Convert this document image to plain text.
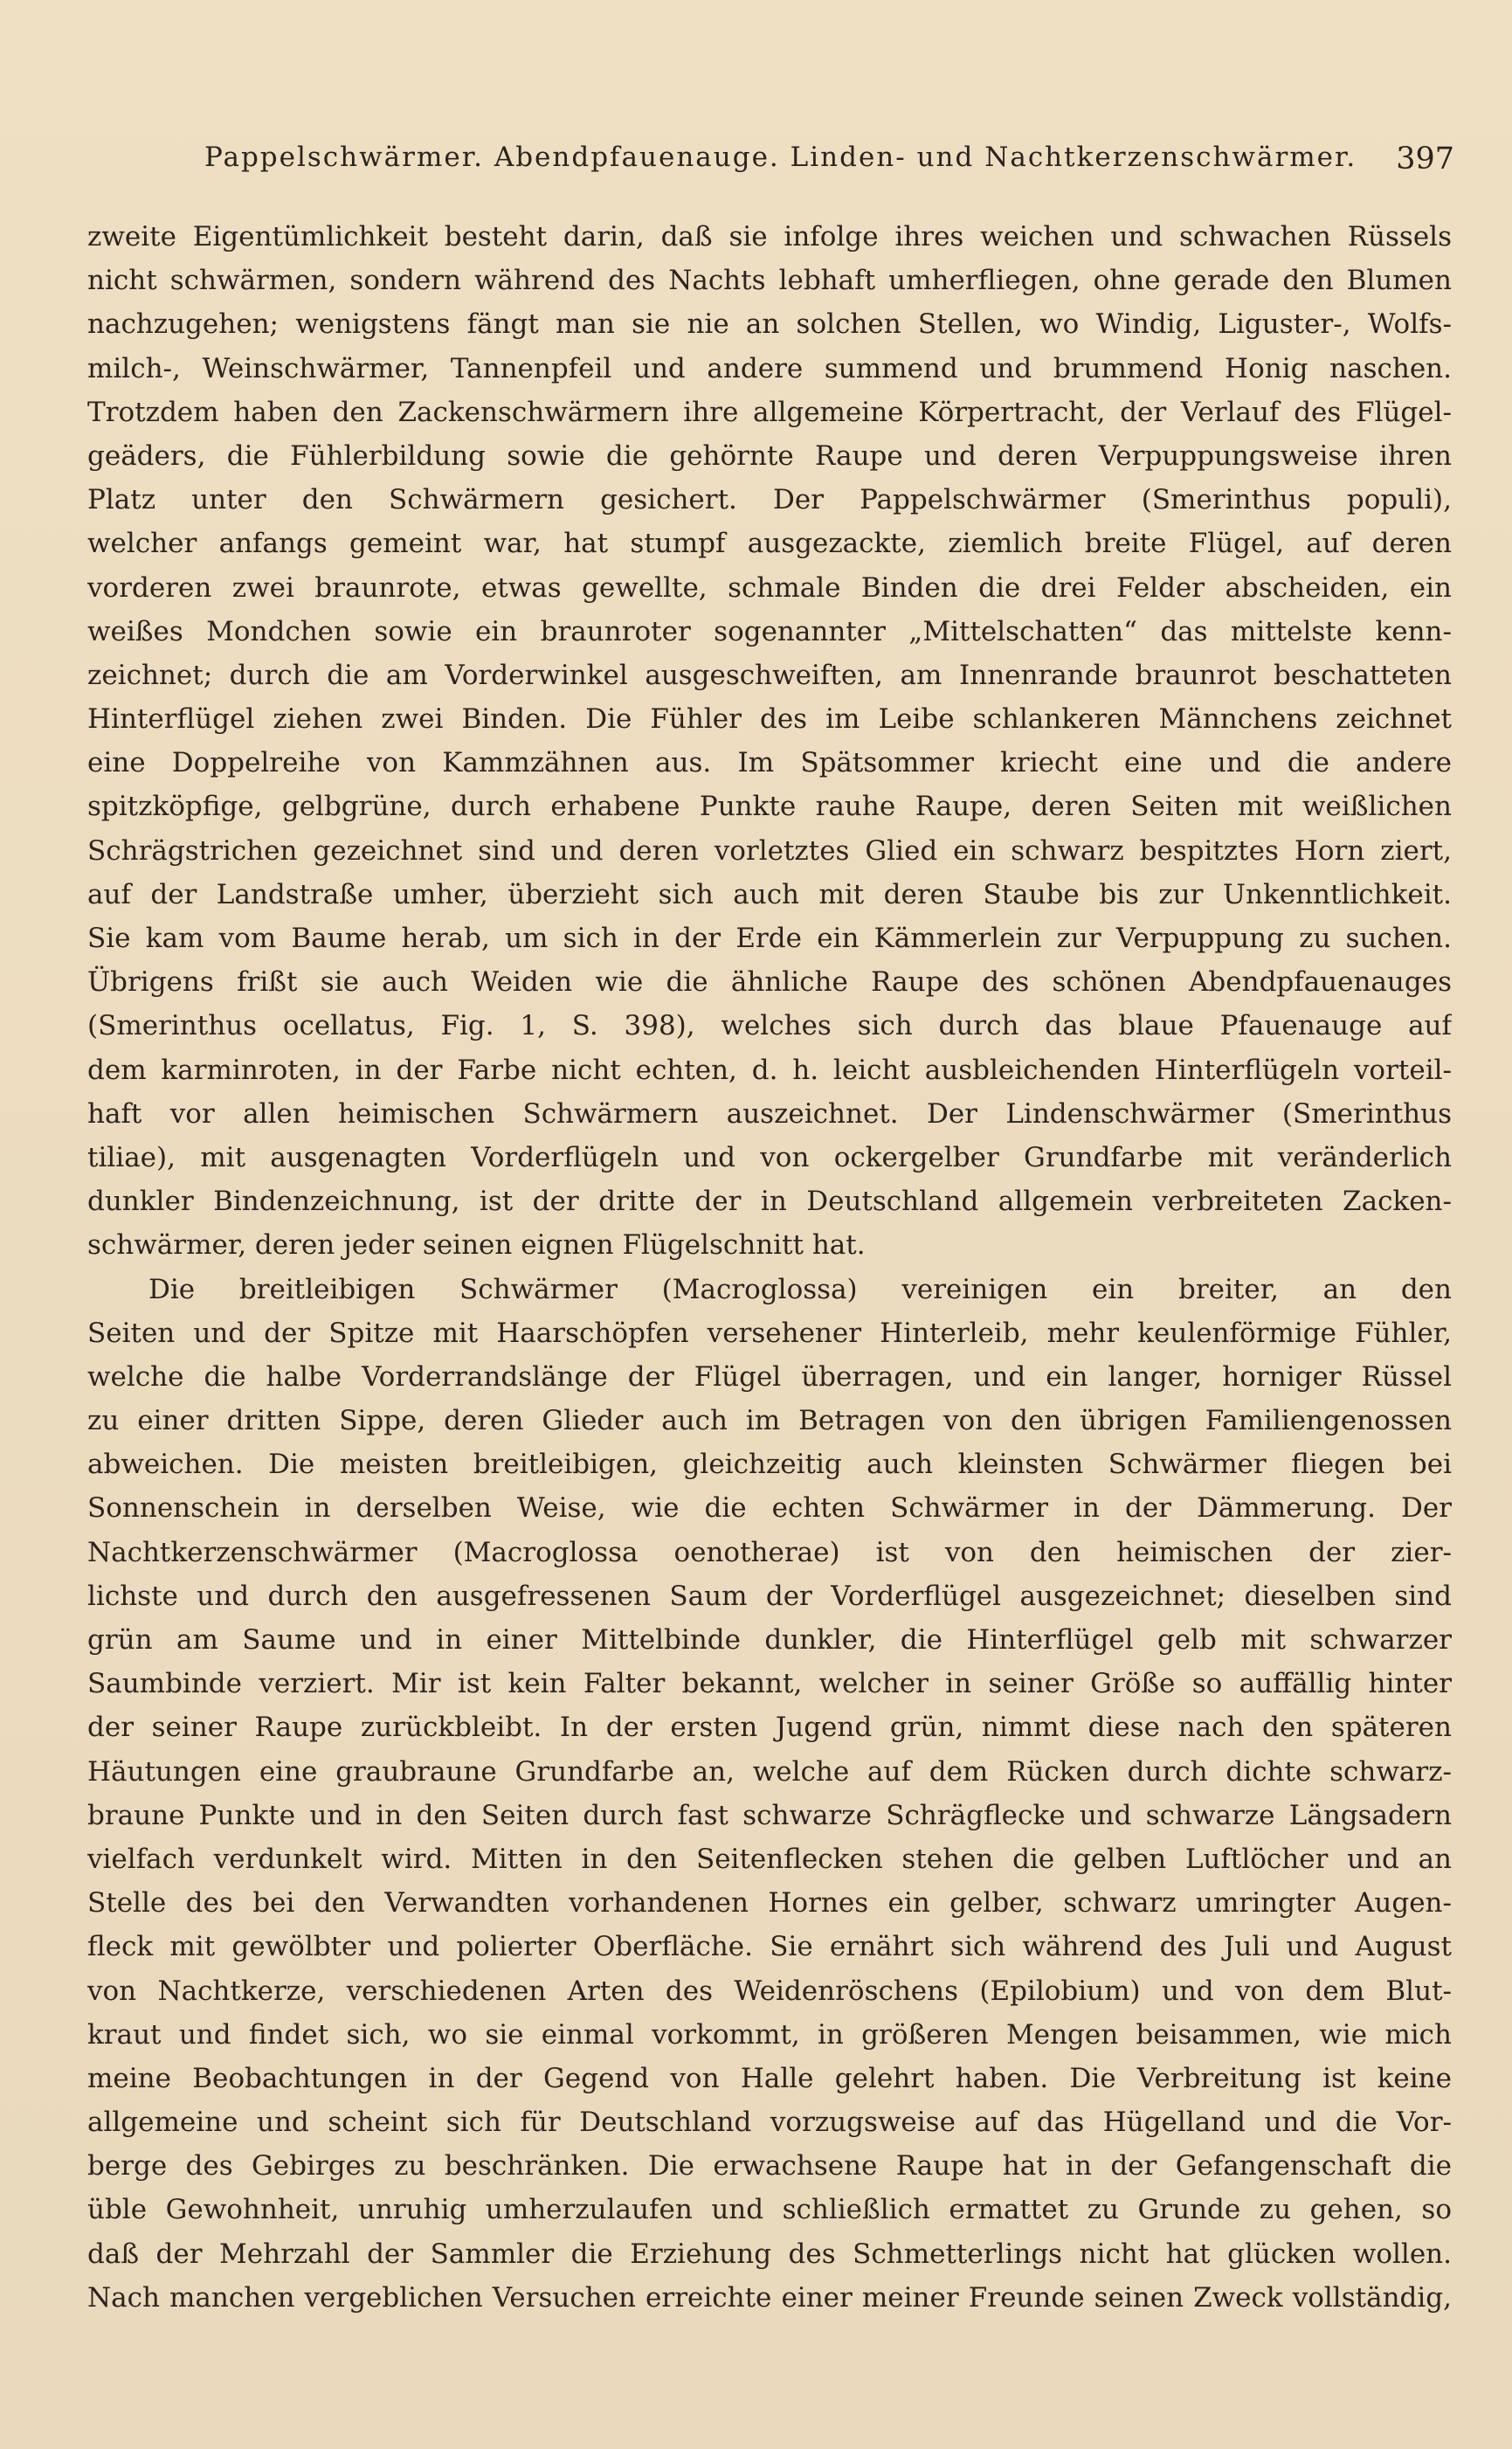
Pappelschwärmer. Abendpfauenauge. Linden- und Nachtkerzenschwärmer. 397
zweite Eigentümlichkeit besteht darin, daß sie infolge ihres weichen und schwachen Rüssels
nicht schwärmen, sondern während des Nachts lebhaft umherfliegen, ohne gerade den Blumen
nachzugehen; wenigstens fängt man sie nie an solchen Stellen, wo Windig, Liguster-, Wolfs-
milch-, Weinschwärmer, Tannenpfeil und andere summend und brummend Honig naschen.
Trotzdem haben den Zackenschwärmern ihre allgemeine Körpertracht, der Verlauf des Flügel-
geäders, die Fühlerbildung sowie die gehörnte Raupe und deren Verpuppungsweise ihren
Platz unter den Schwärmern gesichert. Der Pappelschwärmer (Smerinthus populi),
welcher anfangs gemeint war, hat stumpf ausgezackte, ziemlich breite Flügel, auf deren
vorderen zwei braunrote, etwas gewellte, schmale Binden die drei Felder abscheiden, ein
weißes Mondchen sowie ein braunroter sogenannter „Mittelschatten“ das mittelste kenn-
zeichnet; durch die am Vorderwinkel ausgeschweiften, am Innenrande braunrot beschatteten
Hinterflügel ziehen zwei Binden. Die Fühler des im Leibe schlankeren Männchens zeichnet
eine Doppelreihe von Kammzähnen aus. Im Spätsommer kriecht eine und die andere
spitzköpfige, gelbgrüne, durch erhabene Punkte rauhe Raupe, deren Seiten mit weißlichen
Schrägstrichen gezeichnet sind und deren vorletztes Glied ein schwarz bespitztes Horn ziert,
auf der Landstraße umher, überzieht sich auch mit deren Staube bis zur Unkenntlichkeit.
Sie kam vom Baume herab, um sich in der Erde ein Kämmerlein zur Verpuppung zu suchen.
Übrigens frißt sie auch Weiden wie die ähnliche Raupe des schönen Abendpfauenauges
(Smerinthus ocellatus, Fig. 1, S. 398), welches sich durch das blaue Pfauenauge auf
dem karminroten, in der Farbe nicht echten, d. h. leicht ausbleichenden Hinterflügeln vorteil-
haft vor allen heimischen Schwärmern auszeichnet. Der Lindenschwärmer (Smerinthus
tiliae), mit ausgenagten Vorderflügeln und von ockergelber Grundfarbe mit veränderlich
dunkler Bindenzeichnung, ist der dritte der in Deutschland allgemein verbreiteten Zacken-
schwärmer, deren jeder seinen eignen Flügelschnitt hat.
Die breitleibigen Schwärmer (Macroglossa) vereinigen ein breiter, an den
Seiten und der Spitze mit Haarschöpfen versehener Hinterleib, mehr keulenförmige Fühler,
welche die halbe Vorderrandslänge der Flügel überragen, und ein langer, horniger Rüssel
zu einer dritten Sippe, deren Glieder auch im Betragen von den übrigen Familiengenossen
abweichen. Die meisten breitleibigen, gleichzeitig auch kleinsten Schwärmer fliegen bei
Sonnenschein in derselben Weise, wie die echten Schwärmer in der Dämmerung. Der
Nachtkerzenschwärmer (Macroglossa oenotherae) ist von den heimischen der zier-
lichste und durch den ausgefressenen Saum der Vorderflügel ausgezeichnet; dieselben sind
grün am Saume und in einer Mittelbinde dunkler, die Hinterflügel gelb mit schwarzer
Saumbinde verziert. Mir ist kein Falter bekannt, welcher in seiner Größe so auffällig hinter
der seiner Raupe zurückbleibt. In der ersten Jugend grün, nimmt diese nach den späteren
Häutungen eine graubraune Grundfarbe an, welche auf dem Rücken durch dichte schwarz-
braune Punkte und in den Seiten durch fast schwarze Schrägflecke und schwarze Längsadern
vielfach verdunkelt wird. Mitten in den Seitenflecken stehen die gelben Luftlöcher und an
Stelle des bei den Verwandten vorhandenen Hornes ein gelber, schwarz umringter Augen-
fleck mit gewölbter und polierter Oberfläche. Sie ernährt sich während des Juli und August
von Nachtkerze, verschiedenen Arten des Weidenröschens (Epilobium) und von dem Blut-
kraut und findet sich, wo sie einmal vorkommt, in größeren Mengen beisammen, wie mich
meine Beobachtungen in der Gegend von Halle gelehrt haben. Die Verbreitung ist keine
allgemeine und scheint sich für Deutschland vorzugsweise auf das Hügelland und die Vor-
berge des Gebirges zu beschränken. Die erwachsene Raupe hat in der Gefangenschaft die
üble Gewohnheit, unruhig umherzulaufen und schließlich ermattet zu Grunde zu gehen, so
daß der Mehrzahl der Sammler die Erziehung des Schmetterlings nicht hat glücken wollen.
Nach manchen vergeblichen Versuchen erreichte einer meiner Freunde seinen Zweck vollständig,
